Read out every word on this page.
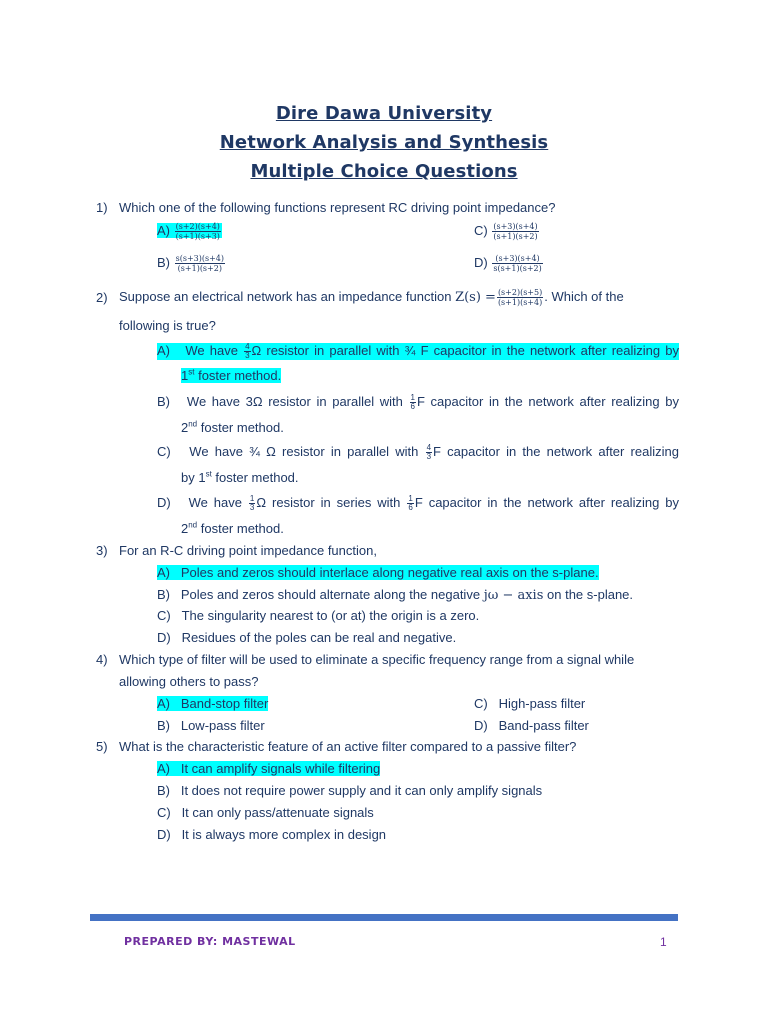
Dire Dawa University
Network Analysis and Synthesis
Multiple Choice Questions
1) Which one of the following functions represent RC driving point impedance?
$A) \frac{(s+2)(s+4)}{(s+1)(s+3)}$	$C) \frac{(s+3)(s+4)}{(s+1)(s+2)}$
$B) \frac{s(s+3)(s+4)}{(s+1)(s+2)}$	$D) \frac{(s+3)(s+4)}{s(s+1)(s+2)}$
2) Suppose an electrical network has an impedance function $Z(s) = \frac{(s+2)(s+5)}{(s+1)(s+4)}$ . Which of the
following is true?
A) We have $\frac{4}{3}$ Ω resistor in parallel with ¾ F capacitor in the network after realizing by
1st foster method.
B) We have 3Ω resistor in parallel with $\frac{1}{6}$ F capacitor in the network after realizing by
2nd foster method.
C) We have ¾ Ω resistor in parallel with $\frac{4}{3}$ F capacitor in the network after realizing
by 1st foster method.
D) We have $\frac{1}{3}$ Ω resistor in series with $\frac{1}{6}$ F capacitor in the network after realizing by
2nd foster method.
3) For an R-C driving point impedance function,
A) Poles and zeros should interlace along negative real axis on the s-plane.
B) Poles and zeros should alternate along the negative jω − axis on the s-plane.
C) The singularity nearest to (or at) the origin is a zero.
D) Residues of the poles can be real and negative.
4) Which type of filter will be used to eliminate a specific frequency range from a signal while
allowing others to pass?
A) Band-stop filter	C) High-pass filter
B) Low-pass filter	D) Band-pass filter
5) What is the characteristic feature of an active filter compared to a passive filter?
A) It can amplify signals while filtering
B) It does not require power supply and it can only amplify signals
C) It can only pass/attenuate signals
D) It is always more complex in design
PREPARED BY: MASTEWAL	1
